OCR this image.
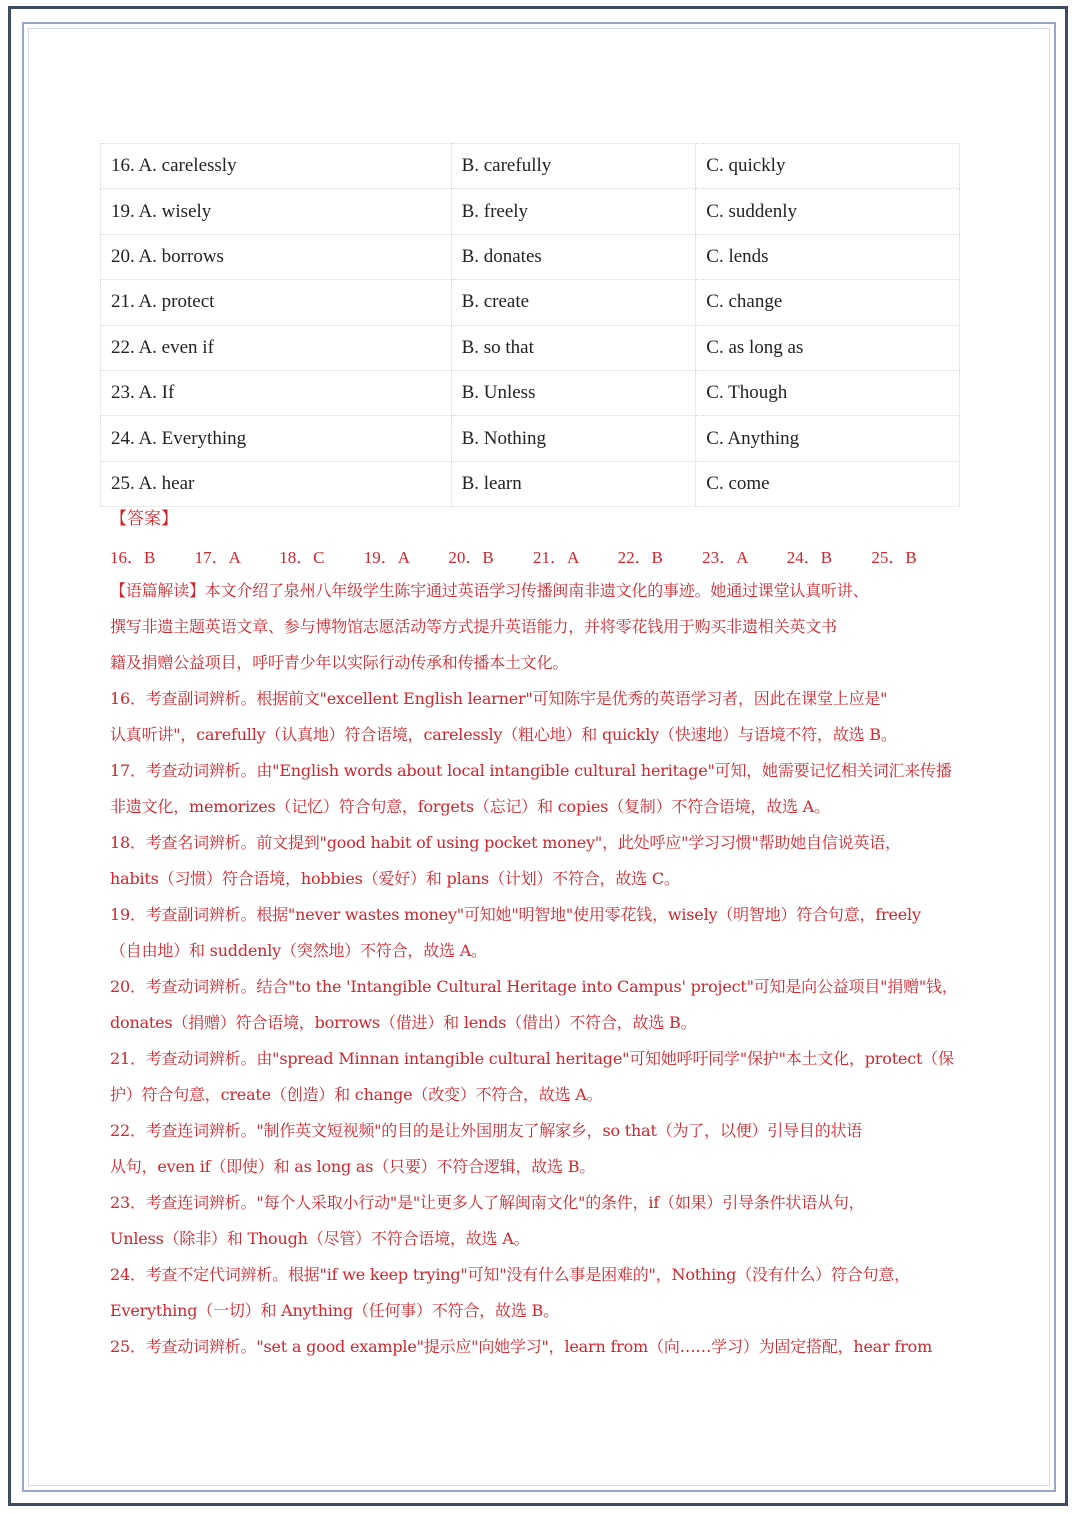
16. A. carelessly	B. carefully	C. quickly
19. A. wisely	B. freely	C. suddenly
20. A. borrows	B. donates	C. lends
21. A. protect	B. create	C. change
22. A. even if	B. so that	C. as long as
23. A. If	B. Unless	C. Though
24. A. Everything	B. Nothing	C. Anything
25. A. hear	B. learn	C. come
【答案】
16．B	17．A	18．C	19．A	20．B	21．A	22．B	23．A	24．B	25．B
【语篇解读】本文介绍了泉州八年级学生陈宇通过英语学习传播闽南非遗文化的事迹。她通过课堂认真听讲、
撰写非遗主题英语文章、参与博物馆志愿活动等方式提升英语能力，并将零花钱用于购买非遗相关英文书
籍及捐赠公益项目，呼吁青少年以实际行动传承和传播本土文化。
16．考查副词辨析。根据前文"excellent English learner"可知陈宇是优秀的英语学习者，因此在课堂上应是"
认真听讲"，carefully（认真地）符合语境，carelessly（粗心地）和 quickly（快速地）与语境不符，故选 B。
17．考查动词辨析。由"English words about local intangible cultural heritage"可知，她需要记忆相关词汇来传播
非遗文化，memorizes（记忆）符合句意，forgets（忘记）和 copies（复制）不符合语境，故选 A。
18．考查名词辨析。前文提到"good habit of using pocket money"，此处呼应"学习习惯"帮助她自信说英语，
habits（习惯）符合语境，hobbies（爱好）和 plans（计划）不符合，故选 C。
19．考查副词辨析。根据"never wastes money"可知她"明智地"使用零花钱，wisely（明智地）符合句意，freely
（自由地）和 suddenly（突然地）不符合，故选 A。
20．考查动词辨析。结合"to the 'Intangible Cultural Heritage into Campus' project"可知是向公益项目"捐赠"钱，
donates（捐赠）符合语境，borrows（借进）和 lends（借出）不符合，故选 B。
21．考查动词辨析。由"spread Minnan intangible cultural heritage"可知她呼吁同学"保护"本土文化，protect（保
护）符合句意，create（创造）和 change（改变）不符合，故选 A。
22．考查连词辨析。"制作英文短视频"的目的是让外国朋友了解家乡，so that（为了，以便）引导目的状语
从句，even if（即使）和 as long as（只要）不符合逻辑，故选 B。
23．考查连词辨析。"每个人采取小行动"是"让更多人了解闽南文化"的条件，if（如果）引导条件状语从句，
Unless（除非）和 Though（尽管）不符合语境，故选 A。
24．考查不定代词辨析。根据"if we keep trying"可知"没有什么事是困难的"，Nothing（没有什么）符合句意，
Everything（一切）和 Anything（任何事）不符合，故选 B。
25．考查动词辨析。"set a good example"提示应"向她学习"，learn from（向……学习）为固定搭配，hear from
